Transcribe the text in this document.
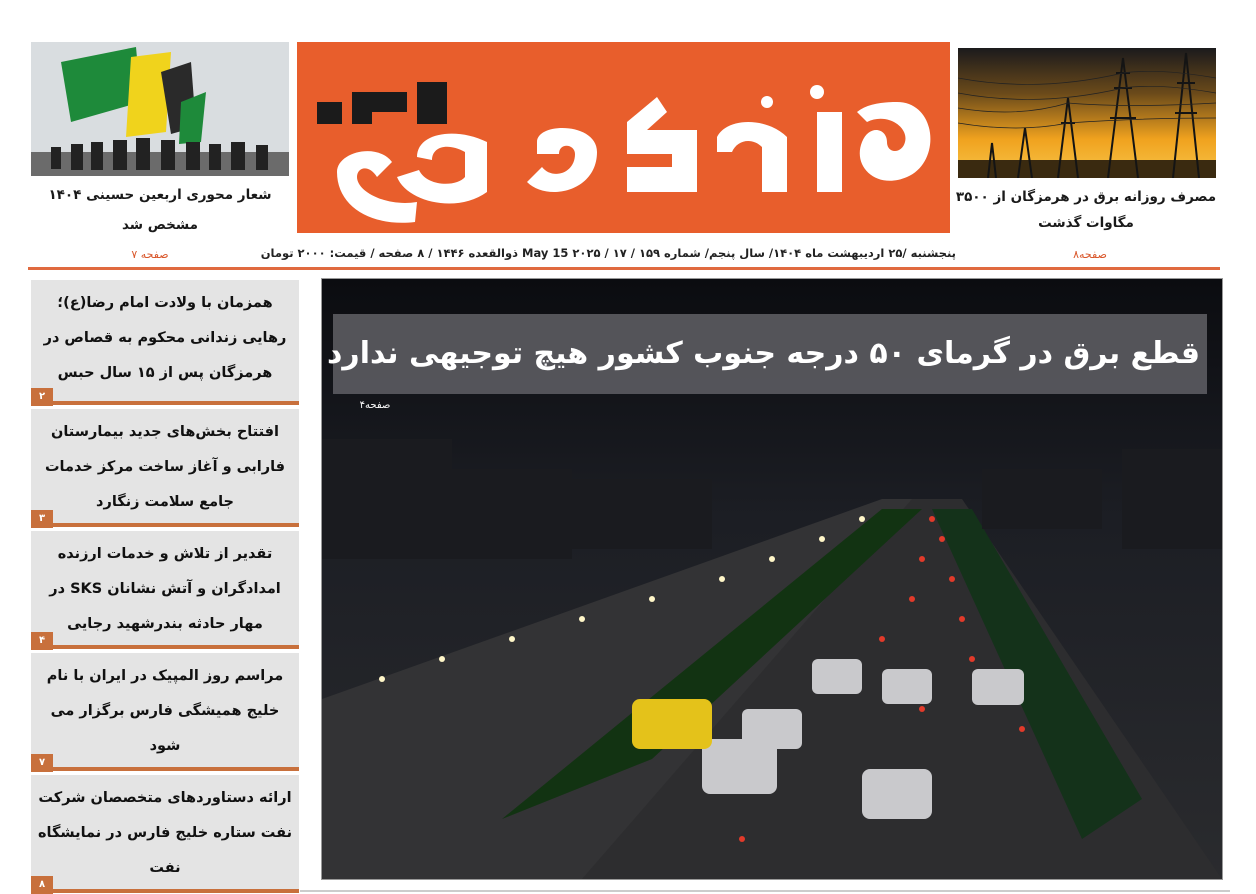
مصرف روزانه برق در هرمزگان از ۳۵۰۰ مگاوات گذشت
صفحه۸
شعار محوری اربعین حسینی ۱۴۰۴ مشخص شد
صفحه ۷	پنجشنبه /۲۵ اردیبهشت ماه ۱۴۰۴/ سال پنجم/ شماره ۱۵۹ / May 15 ۲۰۲۵ / ۱۷ ذوالقعده ۱۴۴۶ / ۸ صفحه / قیمت: ۲۰۰۰ تومان
همزمان با ولادت امام رضا(ع)؛ رهایی زندانی محکوم به قصاص در هرمزگان پس از ۱۵ سال حبس
۲
افتتاح بخش‌های جدید بیمارستان فارابی و آغاز ساخت مرکز خدمات جامع سلامت زنگارد
۳
تقدیر از تلاش و خدمات ارزنده امدادگران و آتش نشانان SKS در مهار حادثه بندرشهید رجایی
۴
مراسم روز المپیک در ایران با نام خلیج همیشگی فارس برگزار می شود
۷
ارائه دستاوردهای متخصصان شرکت نفت ستاره خلیج فارس در نمایشگاه نفت
۸
قطع برق در گرمای ۵۰ درجه جنوب کشور هیچ توجیهی ندارد
صفحه۴
